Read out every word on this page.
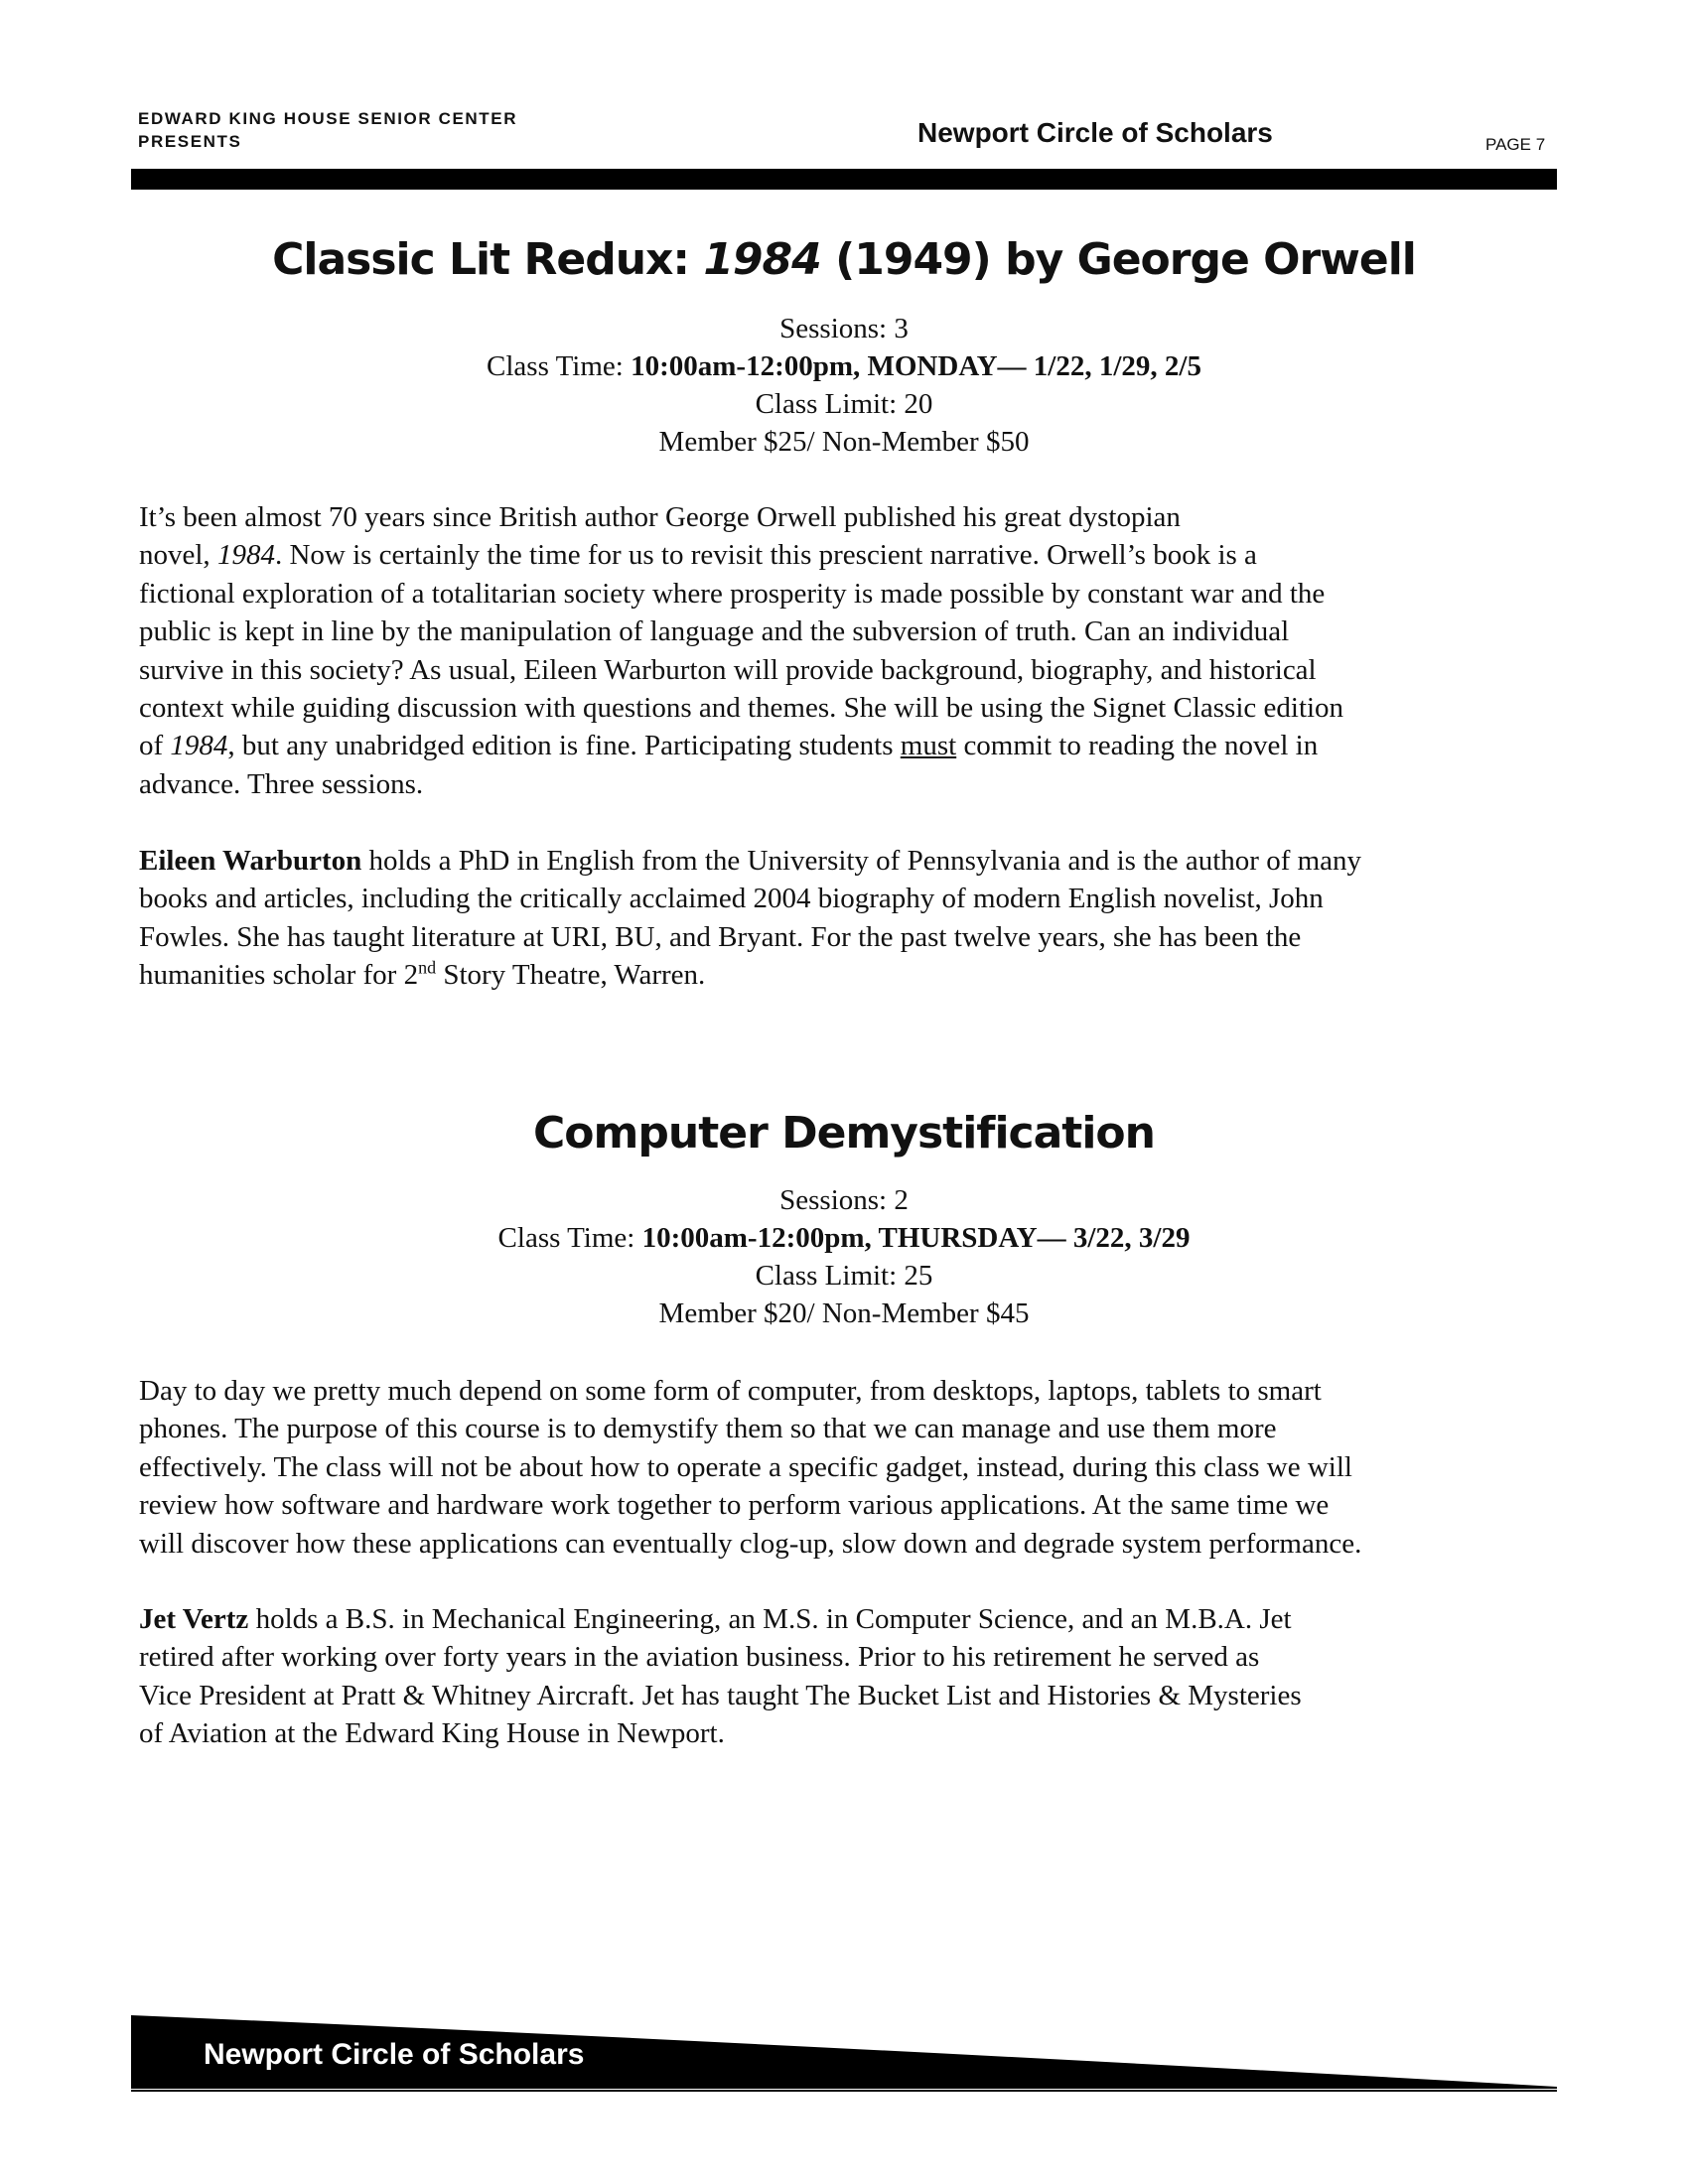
EDWARD KING HOUSE SENIOR CENTER
PRESENTS	Newport Circle of Scholars	PAGE 7
Classic Lit Redux: 1984 (1949) by George Orwell
Sessions: 3
Class Time: 10:00am-12:00pm, MONDAY— 1/22, 1/29, 2/5
Class Limit: 20
Member $25/ Non-Member $50

It’s been almost 70 years since British author George Orwell published his great dystopian
novel, 1984. Now is certainly the time for us to revisit this prescient narrative. Orwell’s book is a
fictional exploration of a totalitarian society where prosperity is made possible by constant war and the
public is kept in line by the manipulation of language and the subversion of truth. Can an individual
survive in this society? As usual, Eileen Warburton will provide background, biography, and historical
context while guiding discussion with questions and themes. She will be using the Signet Classic edition
of 1984, but any unabridged edition is fine. Participating students must commit to reading the novel in
advance. Three sessions.

Eileen Warburton holds a PhD in English from the University of Pennsylvania and is the author of many
books and articles, including the critically acclaimed 2004 biography of modern English novelist, John
Fowles. She has taught literature at URI, BU, and Bryant. For the past twelve years, she has been the
humanities scholar for 2nd Story Theatre, Warren.

Computer Demystification
Sessions: 2
Class Time: 10:00am-12:00pm, THURSDAY— 3/22, 3/29
Class Limit: 25
Member $20/ Non-Member $45

Day to day we pretty much depend on some form of computer, from desktops, laptops, tablets to smart
phones. The purpose of this course is to demystify them so that we can manage and use them more
effectively. The class will not be about how to operate a specific gadget, instead, during this class we will
review how software and hardware work together to perform various applications. At the same time we
will discover how these applications can eventually clog-up, slow down and degrade system performance.

Jet Vertz holds a B.S. in Mechanical Engineering, an M.S. in Computer Science, and an M.B.A. Jet
retired after working over forty years in the aviation business. Prior to his retirement he served as
Vice President at Pratt & Whitney Aircraft. Jet has taught The Bucket List and Histories & Mysteries
of Aviation at the Edward King House in Newport.

Newport Circle of Scholars
